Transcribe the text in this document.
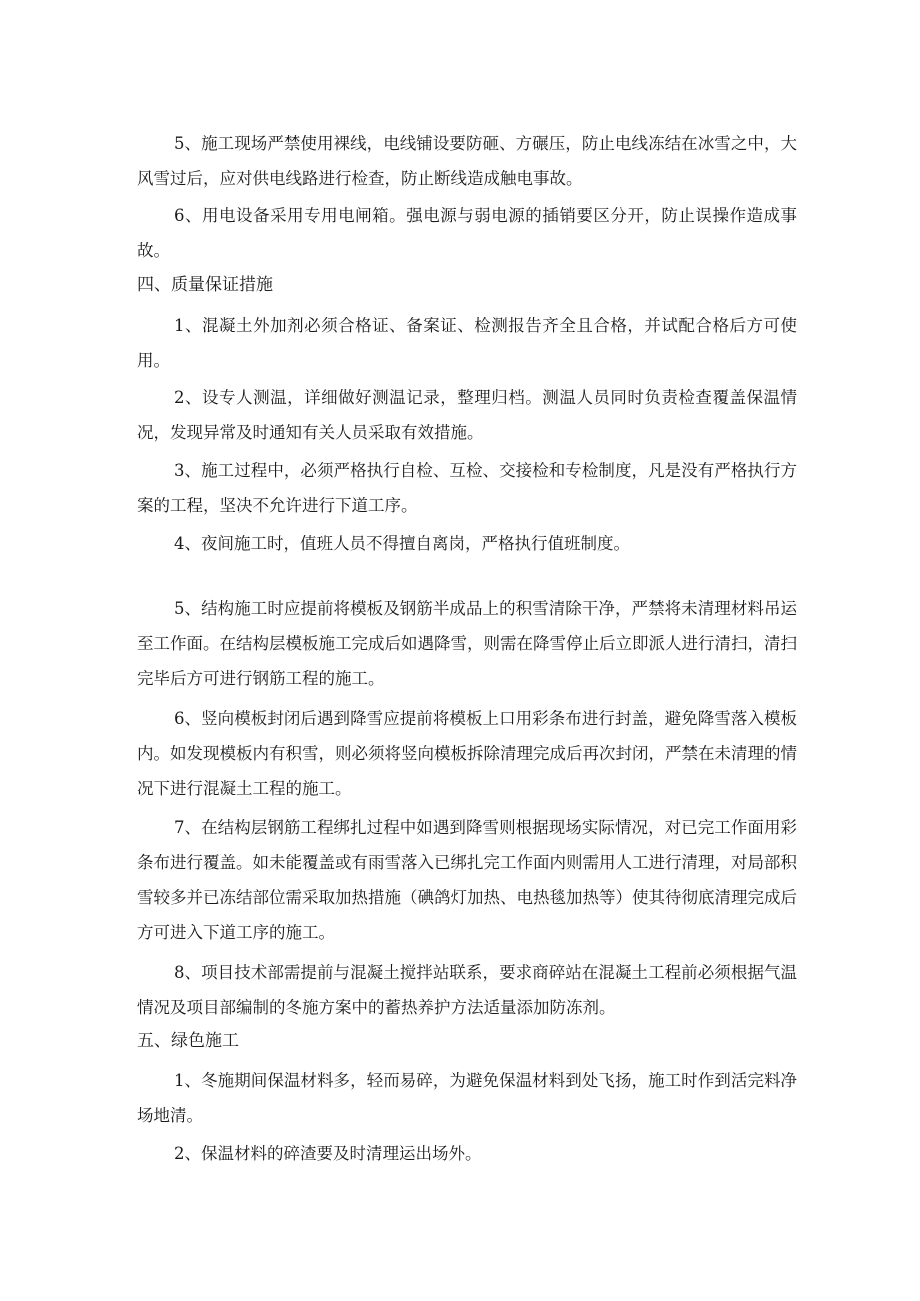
5、施工现场严禁使用裸线，电线铺设要防砸、方碾压，防止电线冻结在冰雪之中，大风雪过后，应对供电线路进行检查，防止断线造成触电事故。

6、用电设备采用专用电闸箱。强电源与弱电源的插销要区分开，防止误操作造成事故。

四、质量保证措施

1、混凝土外加剂必须合格证、备案证、检测报告齐全且合格，并试配合格后方可使用。

2、设专人测温，详细做好测温记录，整理归档。测温人员同时负责检查覆盖保温情况，发现异常及时通知有关人员采取有效措施。

3、施工过程中，必须严格执行自检、互检、交接检和专检制度，凡是没有严格执行方案的工程，坚决不允许进行下道工序。

4、夜间施工时，值班人员不得擅自离岗，严格执行值班制度。

5、结构施工时应提前将模板及钢筋半成品上的积雪清除干净，严禁将未清理材料吊运至工作面。在结构层模板施工完成后如遇降雪，则需在降雪停止后立即派人进行清扫，清扫完毕后方可进行钢筋工程的施工。

6、竖向模板封闭后遇到降雪应提前将模板上口用彩条布进行封盖，避免降雪落入模板内。如发现模板内有积雪，则必须将竖向模板拆除清理完成后再次封闭，严禁在未清理的情况下进行混凝土工程的施工。

7、在结构层钢筋工程绑扎过程中如遇到降雪则根据现场实际情况，对已完工作面用彩条布进行覆盖。如未能覆盖或有雨雪落入已绑扎完工作面内则需用人工进行清理，对局部积雪较多并已冻结部位需采取加热措施（碘鸽灯加热、电热毯加热等）使其待彻底清理完成后方可进入下道工序的施工。

8、项目技术部需提前与混凝土搅拌站联系，要求商碎站在混凝土工程前必须根据气温情况及项目部编制的冬施方案中的蓄热养护方法适量添加防冻剂。

五、绿色施工

1、冬施期间保温材料多，轻而易碎，为避免保温材料到处飞扬，施工时作到活完料净场地清。

2、保温材料的碎渣要及时清理运出场外。
